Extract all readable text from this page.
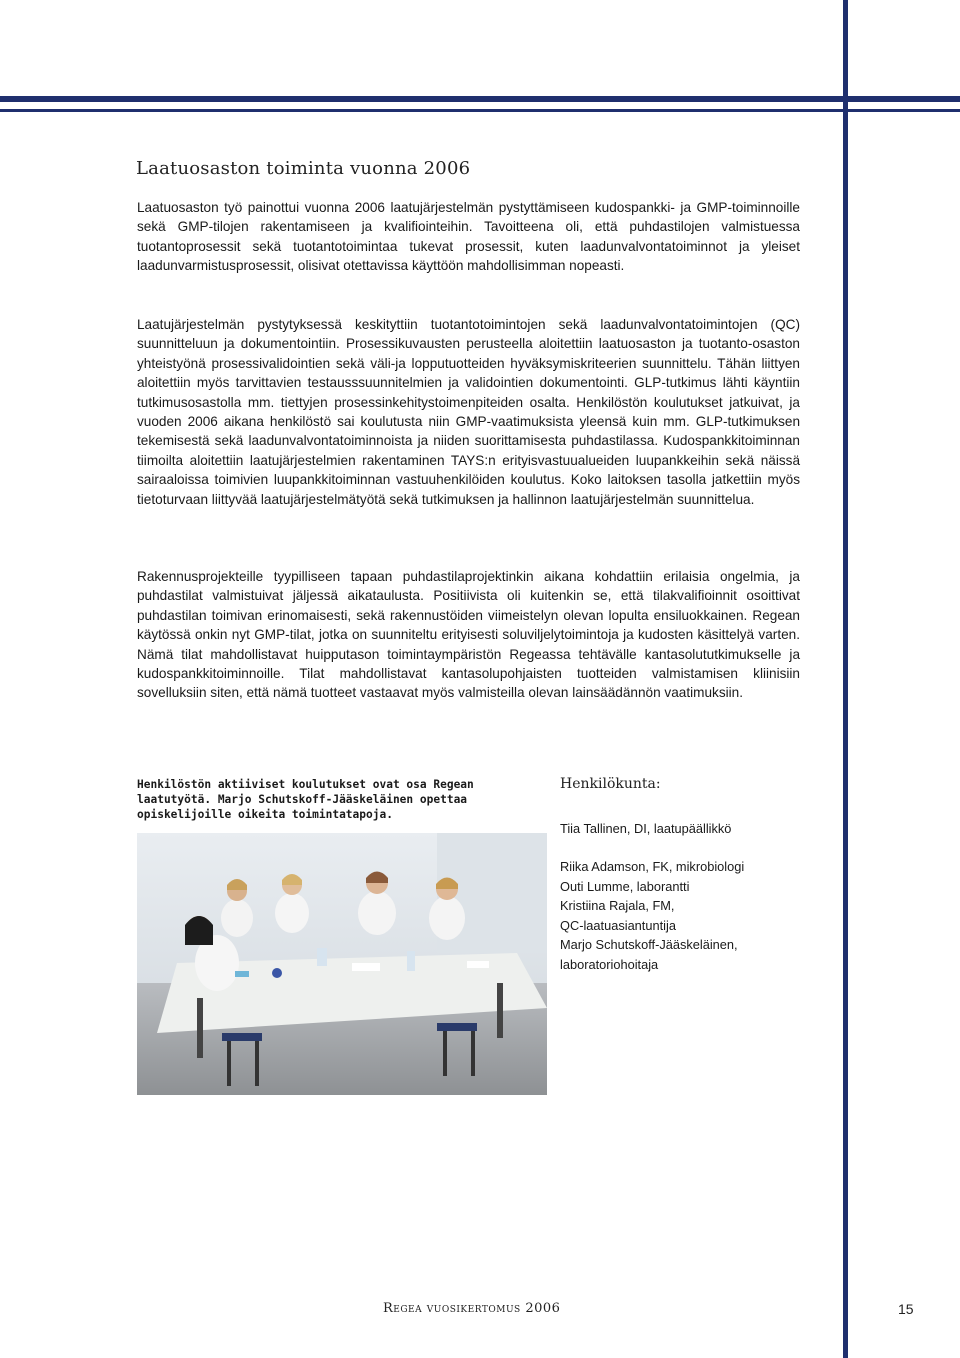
Laatuosaston toiminta vuonna 2006

Laatuosaston työ painottui vuonna 2006 laatujärjestelmän pystyttämiseen kudospankki- ja GMP-toiminnoille sekä GMP-tilojen rakentamiseen ja kvalifiointeihin. Tavoitteena oli, että puhdastilojen valmistuessa tuotantoprosessit sekä tuotantotoimintaa tukevat prosessit, kuten laadunvalvontatoiminnot ja yleiset laadunvarmistusprosessit, olisivat otettavissa käyttöön mahdollisimman nopeasti.

Laatujärjestelmän pystytyksessä keskityttiin tuotantotoimintojen sekä laadunvalvontatoimintojen (QC) suunnitteluun ja dokumentointiin. Prosessikuvausten perusteella aloitettiin laatuosaston ja tuotanto-osaston yhteistyönä prosessivalidointien sekä väli-ja lopputuotteiden hyväksymiskriteerien suunnittelu. Tähän liittyen aloitettiin myös tarvittavien testausssuunnitelmien ja validointien dokumentointi. GLP-tutkimus lähti käyntiin tutkimusosastolla mm. tiettyjen prosessinkehitystoimenpiteiden osalta. Henkilöstön koulutukset jatkuivat, ja vuoden 2006 aikana henkilöstö sai koulutusta niin GMP-vaatimuksista yleensä kuin mm. GLP-tutkimuksen tekemisestä sekä laadunvalvontatoiminnoista ja niiden suorittamisesta puhdastilassa. Kudospankkitoiminnan tiimoilta aloitettiin laatujärjestelmien rakentaminen TAYS:n erityisvastuualueiden luupankkeihin sekä näissä sairaaloissa toimivien luupankkitoiminnan vastuuhenkilöiden koulutus. Koko laitoksen tasolla jatkettiin myös tietoturvaan liittyvää laatujärjestelmätyötä sekä tutkimuksen ja hallinnon laatujärjestelmän suunnittelua.

Rakennusprojekteille tyypilliseen tapaan puhdastilaprojektinkin aikana kohdattiin erilaisia ongelmia, ja puhdastilat valmistuivat jäljessä aikataulusta. Positiivista oli kuitenkin se, että tilakvalifioinnit osoittivat puhdastilan toimivan erinomaisesti, sekä rakennustöiden viimeistelyn olevan lopulta ensiluokkainen. Regean käytössä onkin nyt GMP-tilat, jotka on suunniteltu erityisesti soluviljelytoimintoja ja kudosten käsittelyä varten. Nämä tilat mahdollistavat huipputason toimintaympäristön Regeassa tehtävälle kantasolututkimukselle ja kudospankkitoiminnoille. Tilat mahdollistavat kantasolupohjaisten tuotteiden valmistamisen kliinisiin sovelluksiin siten, että nämä tuotteet vastaavat myös valmisteilla olevan lainsäädännön vaatimuksiin.

Henkilöstön aktiiviset koulutukset ovat osa Regean laatutyötä. Marjo Schutskoff-Jääskeläinen opettaa opiskelijoille oikeita toimintatapoja.

Henkilökunta:

Tiia Tallinen, DI, laatupäällikkö

Riika Adamson, FK, mikrobiologi
Outi Lumme, laborantti
Kristiina Rajala, FM,
QC-laatuasiantuntija
Marjo Schutskoff-Jääskeläinen,
laboratoriohoitaja

Regea vuosikertomus 2006	15
